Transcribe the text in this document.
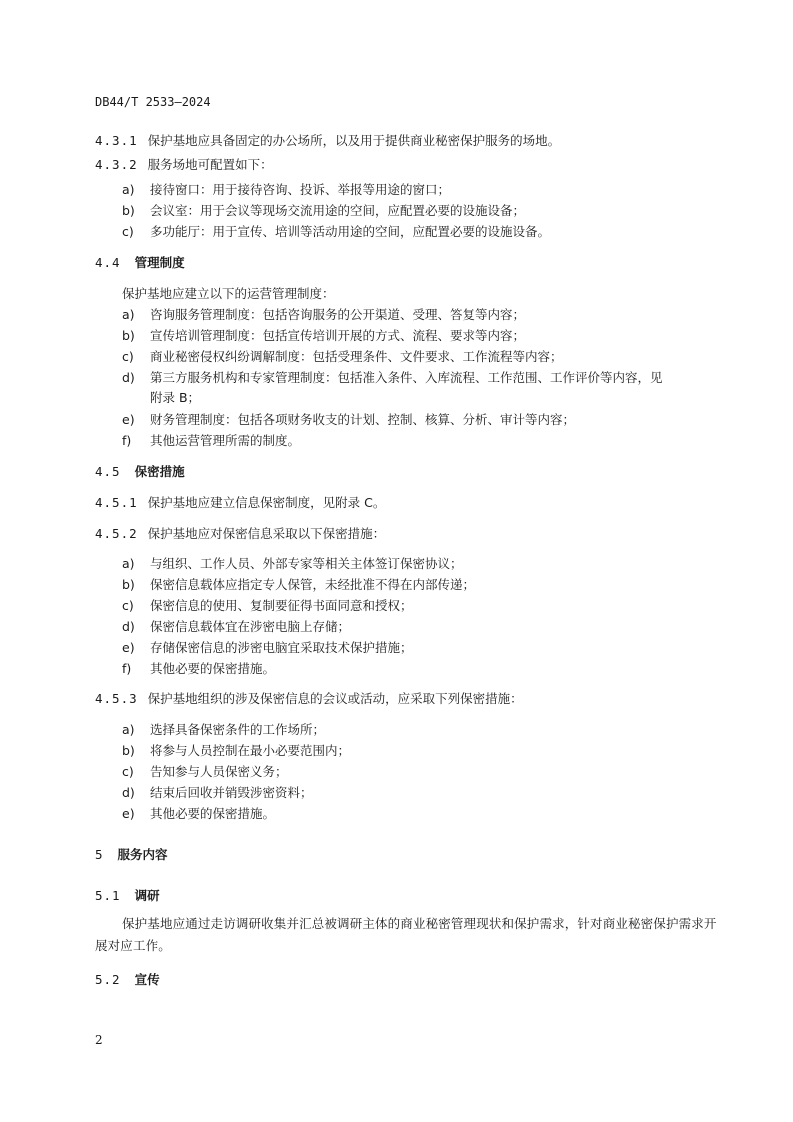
DB44/T 2533—2024
4.3.1 保护基地应具备固定的办公场所，以及用于提供商业秘密保护服务的场地。
4.3.2 服务场地可配置如下：
a) 接待窗口：用于接待咨询、投诉、举报等用途的窗口；
b) 会议室：用于会议等现场交流用途的空间，应配置必要的设施设备；
c) 多功能厅：用于宣传、培训等活动用途的空间，应配置必要的设施设备。
4.4 管理制度
保护基地应建立以下的运营管理制度：
a) 咨询服务管理制度：包括咨询服务的公开渠道、受理、答复等内容；
b) 宣传培训管理制度：包括宣传培训开展的方式、流程、要求等内容；
c) 商业秘密侵权纠纷调解制度：包括受理条件、文件要求、工作流程等内容；
d) 第三方服务机构和专家管理制度：包括准入条件、入库流程、工作范围、工作评价等内容，见
附录 B；
e) 财务管理制度：包括各项财务收支的计划、控制、核算、分析、审计等内容；
f) 其他运营管理所需的制度。
4.5 保密措施
4.5.1 保护基地应建立信息保密制度，见附录 C。
4.5.2 保护基地应对保密信息采取以下保密措施：
a) 与组织、工作人员、外部专家等相关主体签订保密协议；
b) 保密信息载体应指定专人保管，未经批准不得在内部传递；
c) 保密信息的使用、复制要征得书面同意和授权；
d) 保密信息载体宜在涉密电脑上存储；
e) 存储保密信息的涉密电脑宜采取技术保护措施；
f) 其他必要的保密措施。
4.5.3 保护基地组织的涉及保密信息的会议或活动，应采取下列保密措施：
a) 选择具备保密条件的工作场所；
b) 将参与人员控制在最小必要范围内；
c) 告知参与人员保密义务；
d) 结束后回收并销毁涉密资料；
e) 其他必要的保密措施。
5 服务内容
5.1 调研
保护基地应通过走访调研收集并汇总被调研主体的商业秘密管理现状和保护需求，针对商业秘密保护需求开展对应工作。
5.2 宣传
2
